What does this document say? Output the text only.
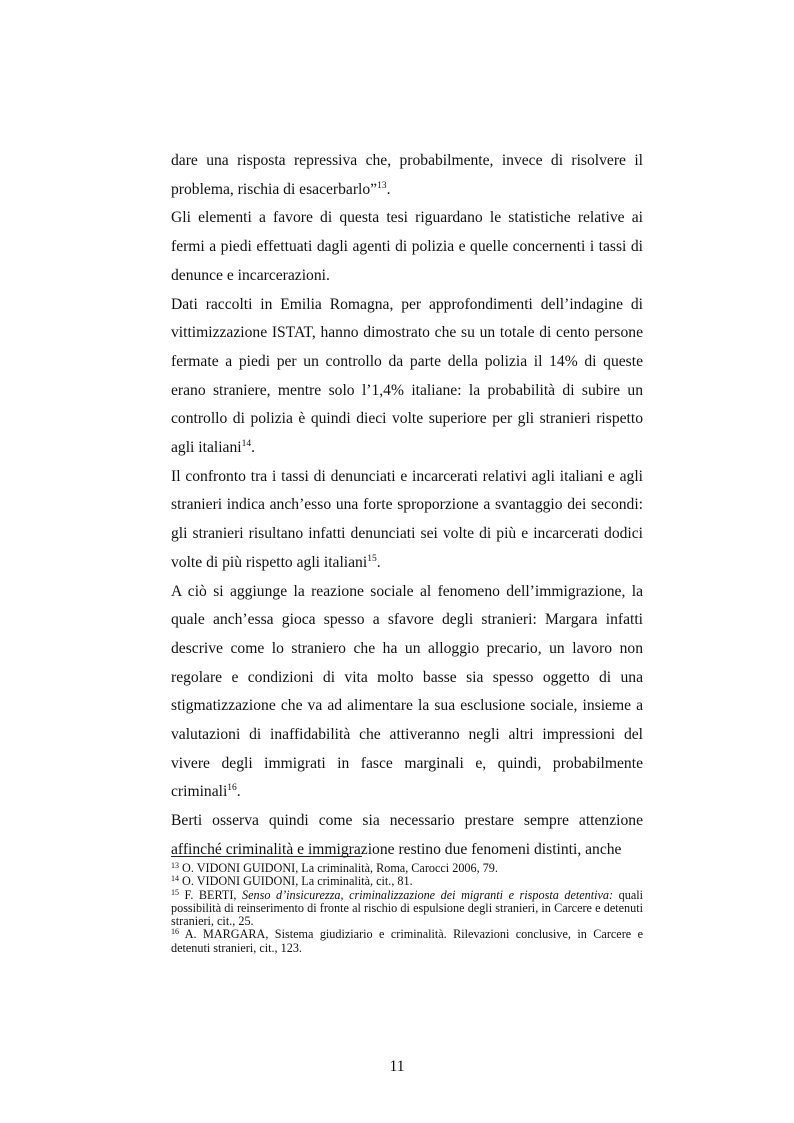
dare una risposta repressiva che, probabilmente, invece di risolvere il problema, rischia di esacerbarlo”$^{13}$.

Gli elementi a favore di questa tesi riguardano le statistiche relative ai fermi a piedi effettuati dagli agenti di polizia e quelle concernenti i tassi di denunce e incarcerazioni.

Dati raccolti in Emilia Romagna, per approfondimenti dell’indagine di vittimizzazione ISTAT, hanno dimostrato che su un totale di cento persone fermate a piedi per un controllo da parte della polizia il 14% di queste erano straniere, mentre solo l’1,4% italiane: la probabilità di subire un controllo di polizia è quindi dieci volte superiore per gli stranieri rispetto agli italiani$^{14}$.

Il confronto tra i tassi di denunciati e incarcerati relativi agli italiani e agli stranieri indica anch’esso una forte sproporzione a svantaggio dei secondi: gli stranieri risultano infatti denunciati sei volte di più e incarcerati dodici volte di più rispetto agli italiani$^{15}$.

A ciò si aggiunge la reazione sociale al fenomeno dell’immigrazione, la quale anch’essa gioca spesso a sfavore degli stranieri: Margara infatti descrive come lo straniero che ha un alloggio precario, un lavoro non regolare e condizioni di vita molto basse sia spesso oggetto di una stigmatizzazione che va ad alimentare la sua esclusione sociale, insieme a valutazioni di inaffidabilità che attiveranno negli altri impressioni del vivere degli immigrati in fasce marginali e, quindi, probabilmente criminali$^{16}$.

Berti osserva quindi come sia necessario prestare sempre attenzione affinché criminalità e immigrazione restino due fenomeni distinti, anche

$^{13}$ O. VIDONI GUIDONI, La criminalità, Roma, Carocci 2006, 79.

$^{14}$ O. VIDONI GUIDONI, La criminalità, cit., 81.

$^{15}$ F. BERTI, Senso d’insicurezza, criminalizzazione dei migranti e risposta detentiva: quali possibilità di reinserimento di fronte al rischio di espulsione degli stranieri, in Carcere e detenuti stranieri, cit., 25.

$^{16}$ A. MARGARA, Sistema giudiziario e criminalità. Rilevazioni conclusive, in Carcere e detenuti stranieri, cit., 123.

11
